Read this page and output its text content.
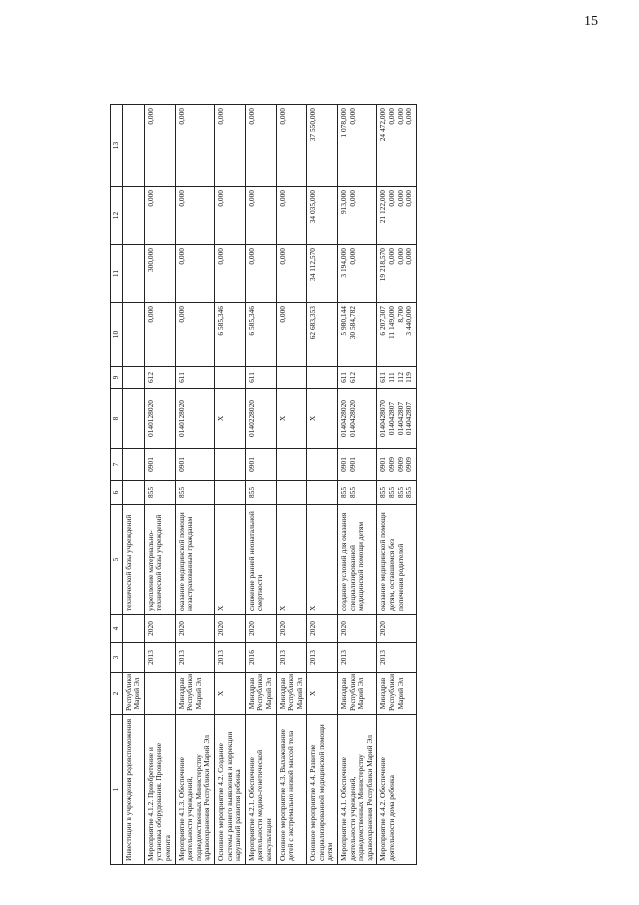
15
1	2	3	4	5	6	7	8	9	10	11	12	13
Инвестиции в учреждения родовспоможения	Республики Марий Эл			технической базы учреждений								
Мероприятие 4.1.2. Приобретение и установка оборудования. Проведение ремонта		2013	2020	укрепление материально-технической базы учреждений	855	0901	0140128020	612	0,000	300,000	0,000	0,000
Мероприятие 4.1.3. Обеспечение деятельности учреждений, подведомственных Министерству здравоохранения Республики Марий Эл	Минздрав Республики Марий Эл	2013	2020	оказание медицинской помощи незастрахованным гражданам	855	0901	0140128020	611	0,000	0,000	0,000	0,000
Основное мероприятие 4.2. Создание системы раннего выявления и коррекции нарушений развития ребенка	Х	2013	2020	Х			Х		6 585,346	0,000	0,000	0,000
Мероприятие 4.2.1. Обеспечение деятельности медико-генетической консультации	Минздрав Республики Марий Эл	2016	2020	снижение ранней неонатальной смертности	855	0901	0140228020	611	6 585,346	0,000	0,000	0,000
Основное мероприятие 4.3. Выхаживание детей с экстремально низкой массой тела	Минздрав Республики Марий Эл	2013	2020	Х			Х		0,000	0,000	0,000	0,000
Основное мероприятие 4.4. Развитие специализированной медицинской помощи детям	Х	2013	2020	Х			Х		62 683,353	34 112,570	34 035,000	37 550,000
Мероприятие 4.4.1. Обеспечение деятельности учреждений, подведомственных Министерству здравоохранения Республики Марий Эл	Минздрав Республики Марий Эл	2013	2020	создание условий для оказания специализированной медицинской помощи детям	855 855	0901 0901	0140428020 0140428020	611 612	5 980,144 30 584,782	3 194,000 0,000	913,000 0,000	1 078,000 0,000

Мероприятие 4.4.2. Обеспечение деятельности дома ребенка	Минздрав Республики Марий Эл	2013	2020	оказание медицинской помощи детям, оставшимся без попечения родителей	855 855 855 855	0901 0909 0909 0909	0140428070 014042807 014042807 014042807	611 111 112 119	6 207,307 11 149,000 8,700 3 440,000	19 218,570 0,000 0,000 0,000	21 122,000 0,000 0,000 0,000	24 472,000 0,000 0,000 0,000
